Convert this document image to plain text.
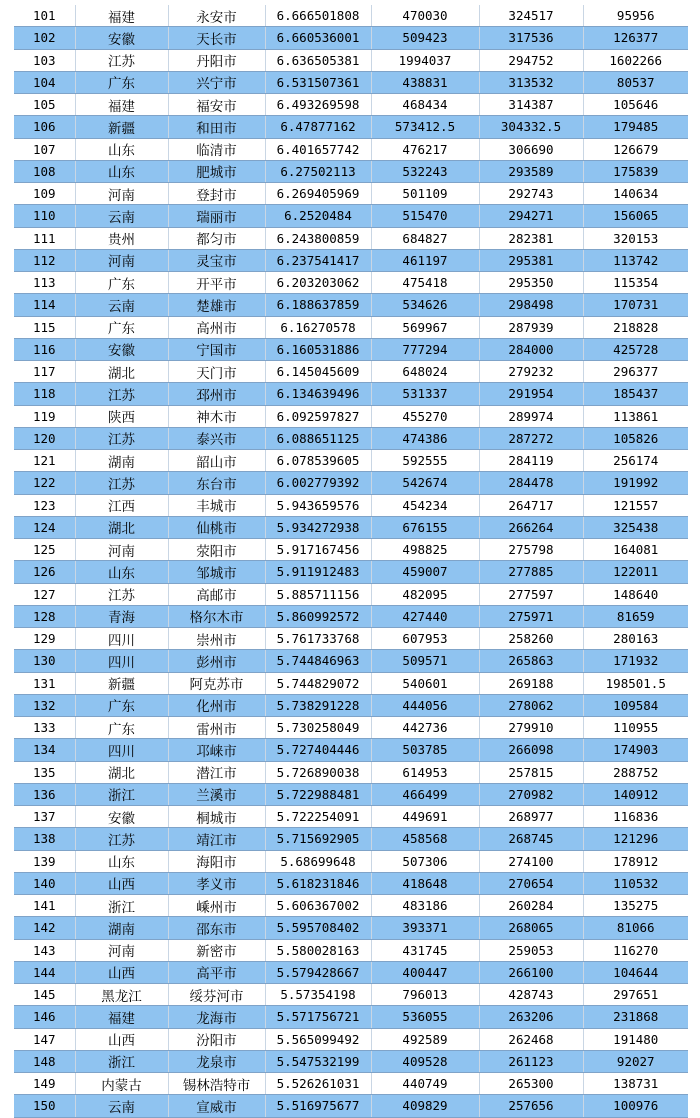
101	福建	永安市	6.666501808	470030	324517	95956
102	安徽	天长市	6.660536001	509423	317536	126377
103	江苏	丹阳市	6.636505381	1994037	294752	1602266
104	广东	兴宁市	6.531507361	438831	313532	80537
105	福建	福安市	6.493269598	468434	314387	105646
106	新疆	和田市	6.47877162	573412.5	304332.5	179485
107	山东	临清市	6.401657742	476217	306690	126679
108	山东	肥城市	6.27502113	532243	293589	175839
109	河南	登封市	6.269405969	501109	292743	140634
110	云南	瑞丽市	6.2520484	515470	294271	156065
111	贵州	都匀市	6.243800859	684827	282381	320153
112	河南	灵宝市	6.237541417	461197	295381	113742
113	广东	开平市	6.203203062	475418	295350	115354
114	云南	楚雄市	6.188637859	534626	298498	170731
115	广东	高州市	6.16270578	569967	287939	218828
116	安徽	宁国市	6.160531886	777294	284000	425728
117	湖北	天门市	6.145045609	648024	279232	296377
118	江苏	邳州市	6.134639496	531337	291954	185437
119	陕西	神木市	6.092597827	455270	289974	113861
120	江苏	泰兴市	6.088651125	474386	287272	105826
121	湖南	韶山市	6.078539605	592555	284119	256174
122	江苏	东台市	6.002779392	542674	284478	191992
123	江西	丰城市	5.943659576	454234	264717	121557
124	湖北	仙桃市	5.934272938	676155	266264	325438
125	河南	荥阳市	5.917167456	498825	275798	164081
126	山东	邹城市	5.911912483	459007	277885	122011
127	江苏	高邮市	5.885711156	482095	277597	148640
128	青海	格尔木市	5.860992572	427440	275971	81659
129	四川	崇州市	5.761733768	607953	258260	280163
130	四川	彭州市	5.744846963	509571	265863	171932
131	新疆	阿克苏市	5.744829072	540601	269188	198501.5
132	广东	化州市	5.738291228	444056	278062	109584
133	广东	雷州市	5.730258049	442736	279910	110955
134	四川	邛崃市	5.727404446	503785	266098	174903
135	湖北	潜江市	5.726890038	614953	257815	288752
136	浙江	兰溪市	5.722988481	466499	270982	140912
137	安徽	桐城市	5.722254091	449691	268977	116836
138	江苏	靖江市	5.715692905	458568	268745	121296
139	山东	海阳市	5.68699648	507306	274100	178912
140	山西	孝义市	5.618231846	418648	270654	110532
141	浙江	嵊州市	5.606367002	483186	260284	135275
142	湖南	邵东市	5.595708402	393371	268065	81066
143	河南	新密市	5.580028163	431745	259053	116270
144	山西	高平市	5.579428667	400447	266100	104644
145	黑龙江	绥芬河市	5.57354198	796013	428743	297651
146	福建	龙海市	5.571756721	536055	263206	231868
147	山西	汾阳市	5.565099492	492589	262468	191480
148	浙江	龙泉市	5.547532199	409528	261123	92027
149	内蒙古	锡林浩特市	5.526261031	440749	265300	138731
150	云南	宣威市	5.516975677	409829	257656	100976
